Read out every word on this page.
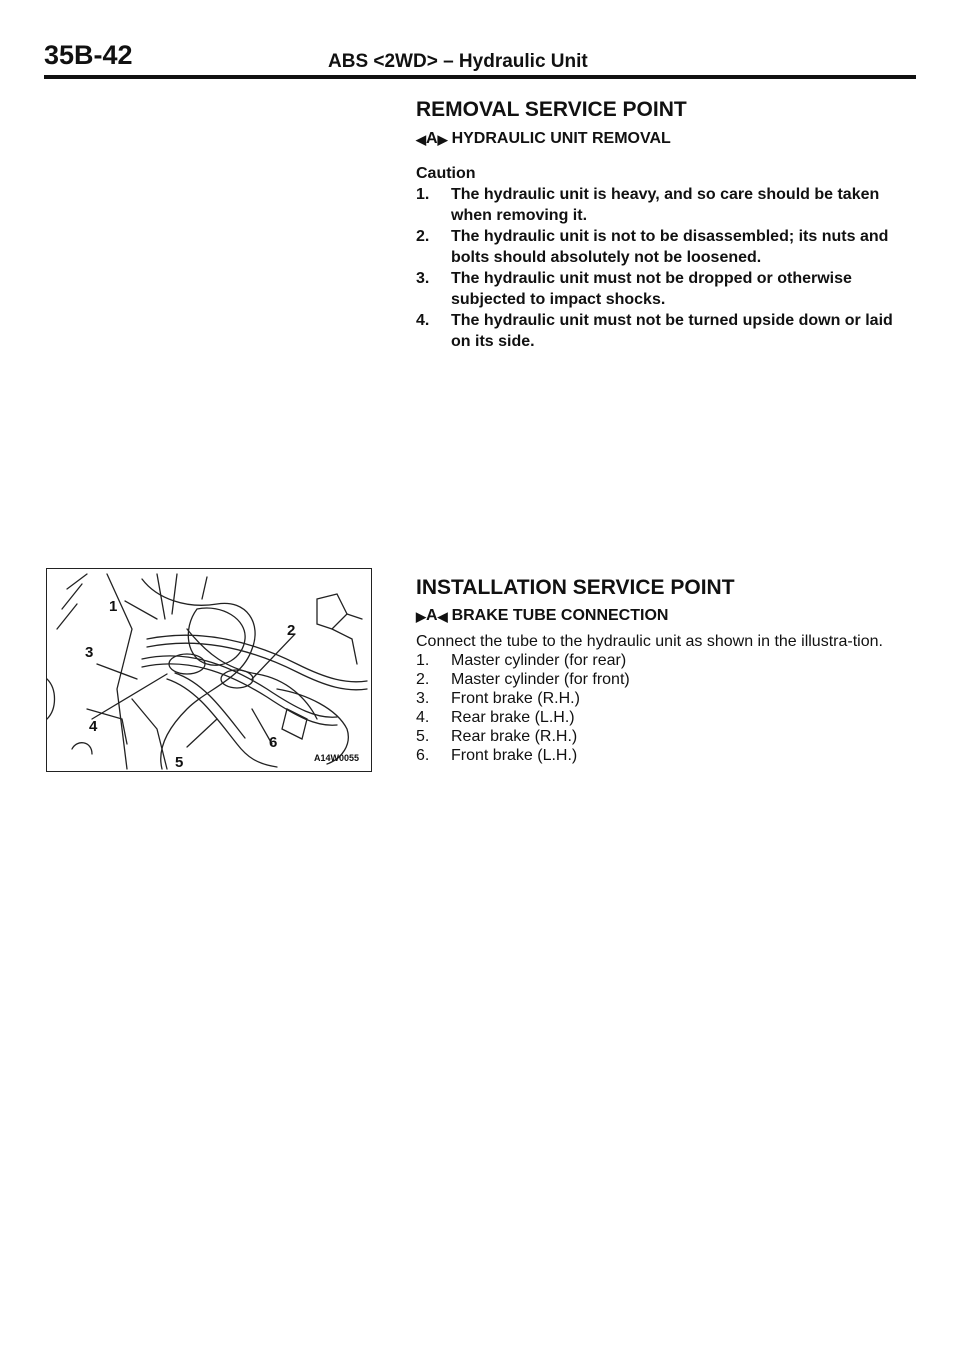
35B-42	ABS <2WD> – Hydraulic Unit
REMOVAL SERVICE POINT
◀ A ▶ HYDRAULIC UNIT REMOVAL
Caution
1.	The hydraulic unit is heavy, and so care should be taken when removing it.
2.	The hydraulic unit is not to be disassembled; its nuts and bolts should absolutely not be loosened.
3.	The hydraulic unit must not be dropped or otherwise subjected to impact shocks.
4.	The hydraulic unit must not be turned upside down or laid on its side.
1
2
3
4
5
6
A14W0055
INSTALLATION SERVICE POINT
▶ A ◀ BRAKE TUBE CONNECTION
Connect the tube to the hydraulic unit as shown in the illustra-tion.
1.	Master cylinder (for rear)
2.	Master cylinder (for front)
3.	Front brake (R.H.)
4.	Rear brake (L.H.)
5.	Rear brake (R.H.)
6.	Front brake (L.H.)
